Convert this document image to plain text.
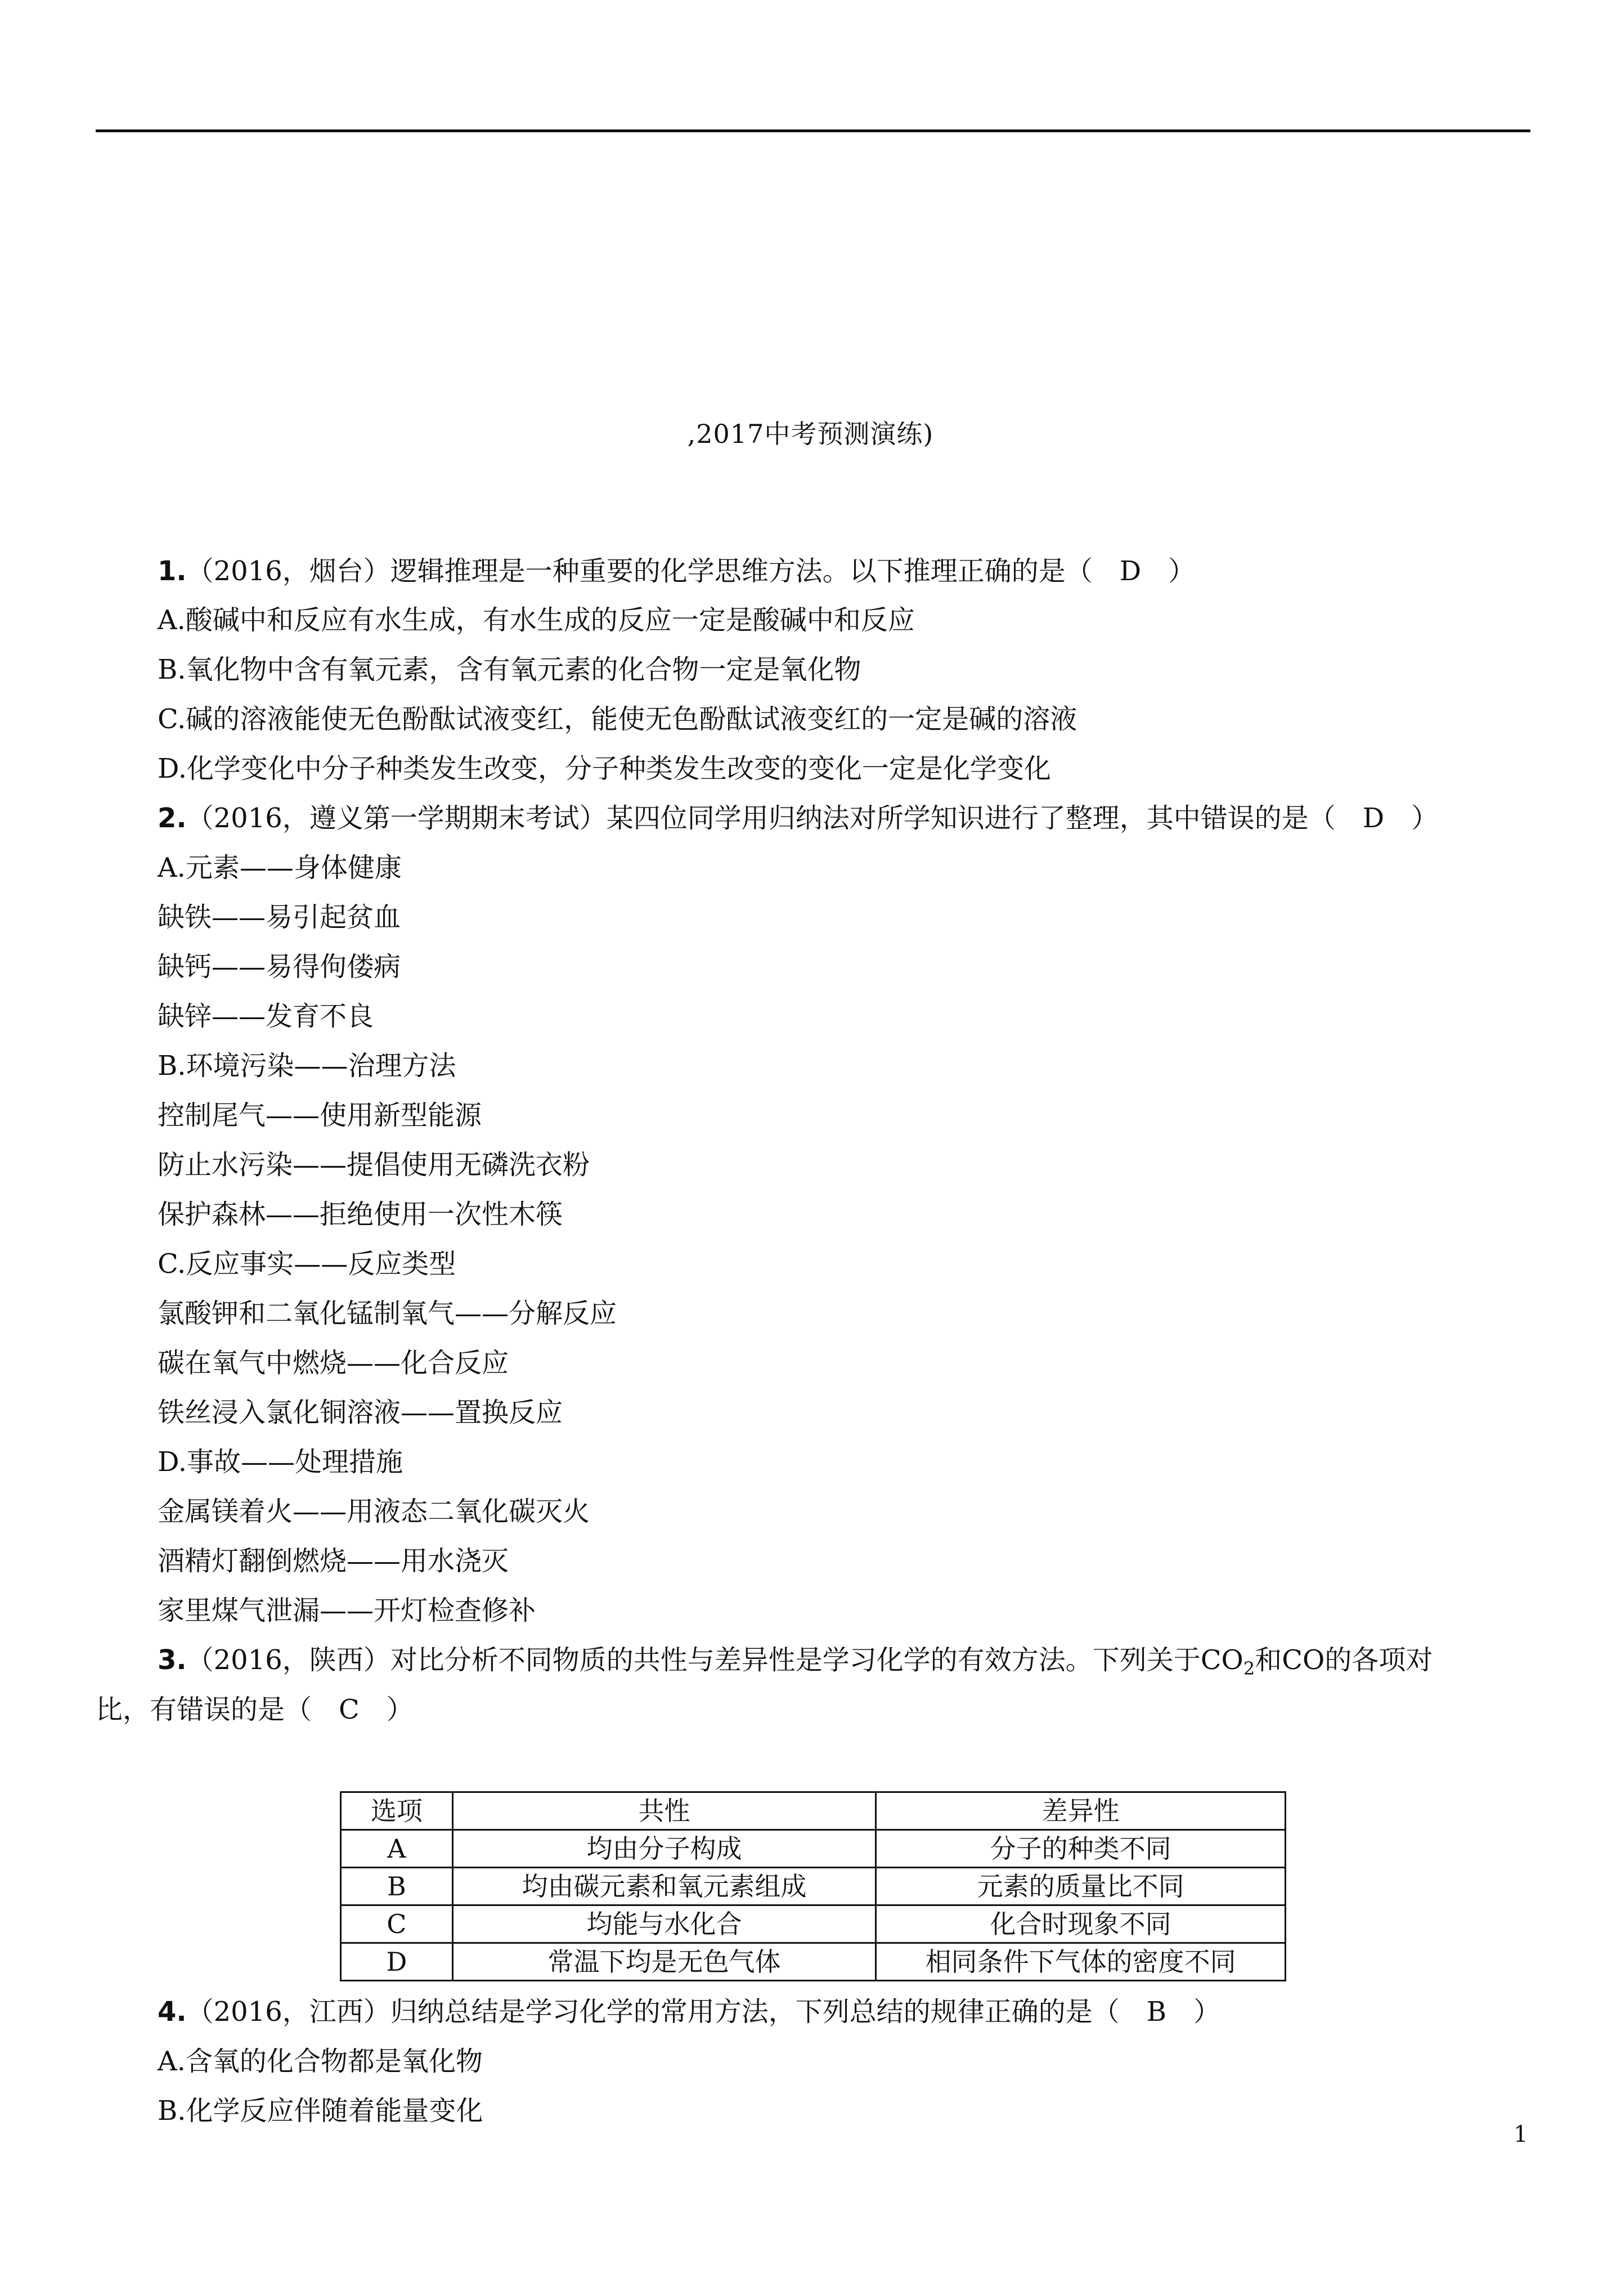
,2017中考预测演练)
1.（2016，烟台）逻辑推理是一种重要的化学思维方法。以下推理正确的是（　D　）
A.酸碱中和反应有水生成，有水生成的反应一定是酸碱中和反应
B.氧化物中含有氧元素，含有氧元素的化合物一定是氧化物
C.碱的溶液能使无色酚酞试液变红，能使无色酚酞试液变红的一定是碱的溶液
D.化学变化中分子种类发生改变，分子种类发生改变的变化一定是化学变化
2.（2016，遵义第一学期期末考试）某四位同学用归纳法对所学知识进行了整理，其中错误的是（　D　）
A.元素——身体健康
缺铁——易引起贫血
缺钙——易得佝偻病
缺锌——发育不良
B.环境污染——治理方法
控制尾气——使用新型能源
防止水污染——提倡使用无磷洗衣粉
保护森林——拒绝使用一次性木筷
C.反应事实——反应类型
氯酸钾和二氧化锰制氧气——分解反应
碳在氧气中燃烧——化合反应
铁丝浸入氯化铜溶液——置换反应
D.事故——处理措施
金属镁着火——用液态二氧化碳灭火
酒精灯翻倒燃烧——用水浇灭
家里煤气泄漏——开灯检查修补
3.（2016，陕西）对比分析不同物质的共性与差异性是学习化学的有效方法。下列关于$CO_2$和CO的各项对
比，有错误的是（　C　）
选项	共性	差异性
A	均由分子构成	分子的种类不同
B	均由碳元素和氧元素组成	元素的质量比不同
C	均能与水化合	化合时现象不同
D	常温下均是无色气体	相同条件下气体的密度不同
4.（2016，江西）归纳总结是学习化学的常用方法，下列总结的规律正确的是（　B　）
A.含氧的化合物都是氧化物
B.化学反应伴随着能量变化
1
